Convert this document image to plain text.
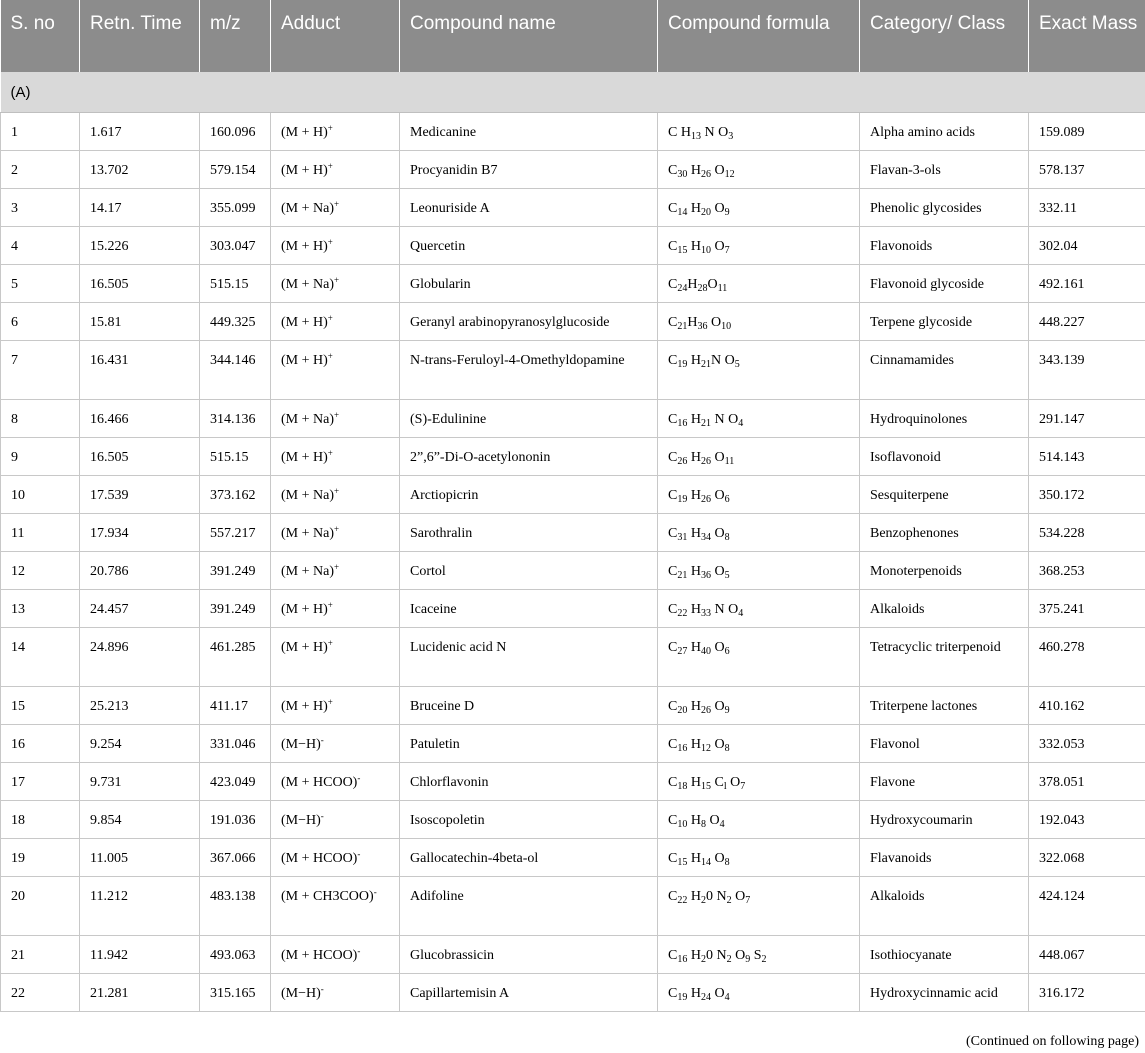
S. no	Retn. Time	m/z	Adduct	Compound name	Compound formula	Category/ Class	Exact Mass
(A)							
1	1.617	160.096	(M + H)+	Medicanine	C $H_{13}$ N $O_3$	Alpha amino acids	159.089
2	13.702	579.154	(M + H)+	Procyanidin B7	$C_{30}$ $H_{26}$ $O_{12}$	Flavan-3-ols	578.137
3	14.17	355.099	(M + Na)+	Leonuriside A	$C_{14}$ $H_{20}$ $O_9$	Phenolic glycosides	332.11
4	15.226	303.047	(M + H)+	Quercetin	$C_{15}$ $H_{10}$ $O_7$	Flavonoids	302.04
5	16.505	515.15	(M + Na)+	Globularin	$C_{24}H_{28}O_{11}$	Flavonoid glycoside	492.161
6	15.81	449.325	(M + H)+	Geranyl arabinopyranosylglucoside	$C_{21}H_{36}$ $O_{10}$	Terpene glycoside	448.227
7	16.431	344.146	(M + H)+	N-trans-Feruloyl-4-Omethyldopamine	$C_{19}$ $H_{21}N$ $O_5$	Cinnamamides	343.139
8	16.466	314.136	(M + Na)+	(S)-Edulinine	$C_{16}$ $H_{21}$ N $O_4$	Hydroquinolones	291.147
9	16.505	515.15	(M + H)+	2”,6”-Di-O-acetylononin	$C_{26}$ $H_{26}$ $O_{11}$	Isoflavonoid	514.143
10	17.539	373.162	(M + Na)+	Arctiopicrin	$C_{19}$ $H_{26}$ $O_6$	Sesquiterpene	350.172
11	17.934	557.217	(M + Na)+	Sarothralin	$C_{31}$ $H_{34}$ $O_8$	Benzophenones	534.228
12	20.786	391.249	(M + Na)+	Cortol	$C_{21}$ $H_{36}$ $O_5$	Monoterpenoids	368.253
13	24.457	391.249	(M + H)+	Icaceine	$C_{22}$ $H_{33}$ N $O_4$	Alkaloids	375.241
14	24.896	461.285	(M + H)+	Lucidenic acid N	$C_{27}$ $H_{40}$ $O_6$	Tetracyclic triterpenoid	460.278
15	25.213	411.17	(M + H)+	Bruceine D	$C_{20}$ $H_{26}$ $O_9$	Triterpene lactones	410.162
16	9.254	331.046	(M−H)-	Patuletin	$C_{16}$ $H_{12}$ $O_8$	Flavonol	332.053
17	9.731	423.049	(M + HCOO)-	Chlorflavonin	$C_{18}$ $H_{15}$ $C_l$ $O_7$	Flavone	378.051
18	9.854	191.036	(M−H)-	Isoscopoletin	$C_{10}$ $H_8$ $O_4$	Hydroxycoumarin	192.043
19	11.005	367.066	(M + HCOO)-	Gallocatechin-4beta-ol	$C_{15}$ $H_{14}$ $O_8$	Flavanoids	322.068
20	11.212	483.138	(M + CH3COO)-	Adifoline	$C_{22}$ $H_20$ $N_2$ $O_7$	Alkaloids	424.124
21	11.942	493.063	(M + HCOO)-	Glucobrassicin	$C_{16}$ $H_20$ $N_2$ $O_9$ $S_2$	Isothiocyanate	448.067
22	21.281	315.165	(M−H)-	Capillartemisin A	$C_{19}$ $H_{24}$ $O_4$	Hydroxycinnamic acid	316.172
(Continued on following page)
